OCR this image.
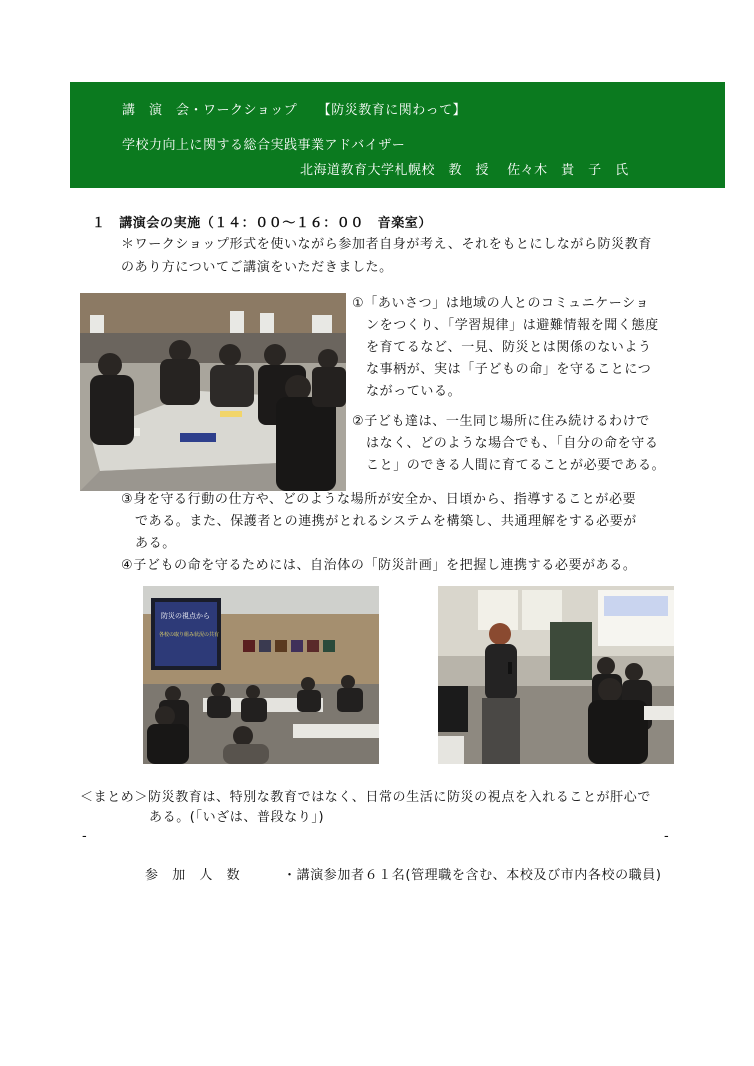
講　演　会・ワークショップ　　【防災教育に関わって】
学校力向上に関する総合実践事業アドバイザー
北海道教育大学札幌校　教　授　 佐々木　貴　子　氏
１　講演会の実施（１４：００～１６：００　音楽室）
＊ワークショップ形式を使いながら参加者自身が考え、それをもとにしながら防災教育
のあり方についてご講演をいただきました。
①「あいさつ」は地域の人とのコミュニケーショ
ンをつくり、「学習規律」は避難情報を聞く態度
を育てるなど、一見、防災とは関係のないよう
な事柄が、実は「子どもの命」を守ることにつ
ながっている。
②子ども達は、一生同じ場所に住み続けるわけで
はなく、どのような場合でも、「自分の命を守る
こと」のできる人間に育てることが必要である。
③身を守る行動の仕方や、どのような場所が安全か、日頃から、指導することが必要
である。また、保護者との連携がとれるシステムを構築し、共通理解をする必要が
ある。
④子どもの命を守るためには、自治体の「防災計画」を把握し連携する必要がある。
防災の視点から
各校の取り組み状況の共有
＜まとめ＞防災教育は、特別な教育ではなく、日常の生活に防災の視点を入れることが肝心で
ある。(「いざは、普段なり」)
-	-
参　加　人　数	・講演参加者６１名(管理職を含む、本校及び市内各校の職員)
